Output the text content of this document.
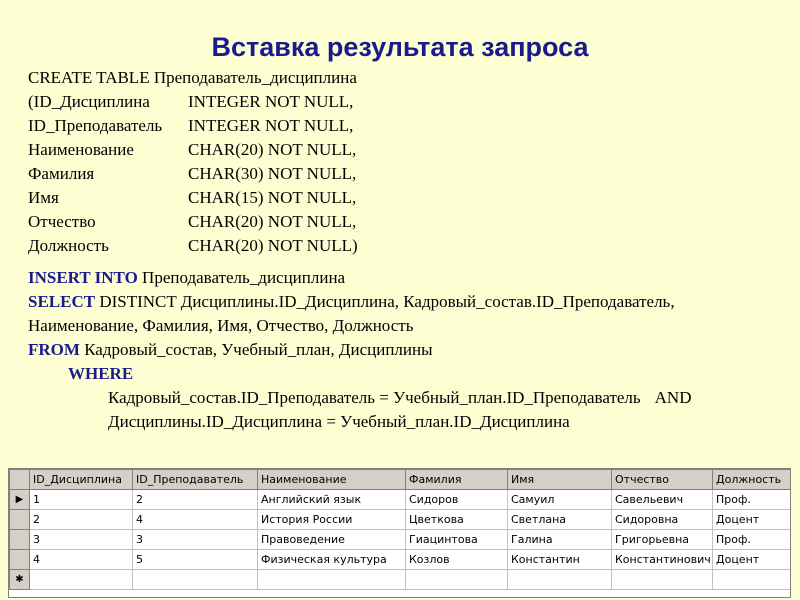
Вставка результата запроса
CREATE TABLE Преподаватель_дисциплина
(ID_Дисциплина INTEGER NOT NULL,
ID_Преподаватель INTEGER NOT NULL,
Наименование	CHAR(20) NOT NULL,
Фамилия	CHAR(30) NOT NULL,
Имя	CHAR(15) NOT NULL,
Отчество	CHAR(20) NOT NULL,
Должность	CHAR(20) NOT NULL)
INSERT INTO Преподаватель_дисциплина
SELECT DISTINCT Дисциплины.ID_Дисциплина, Кадровый_состав.ID_Преподаватель,
Наименование, Фамилия, Имя, Отчество, Должность
FROM Кадровый_состав, Учебный_план, Дисциплины
WHERE
Кадровый_состав.ID_Преподаватель = Учебный_план.ID_Преподаватель AND
Дисциплины.ID_Дисциплина = Учебный_план.ID_Дисциплина
	ID_Дисциплина	ID_Преподаватель	Наименование	Фамилия	Имя	Отчество	Должность
▶	1	2	Английский язык	Сидоров	Самуил	Савельевич	Проф.
	2	4	История России	Цветкова	Светлана	Сидоровна	Доцент
	3	3	Правоведение	Гиацинтова	Галина	Григорьевна	Проф.
	4	5	Физическая культура	Козлов	Константин	Константинович	Доцент
✱							
